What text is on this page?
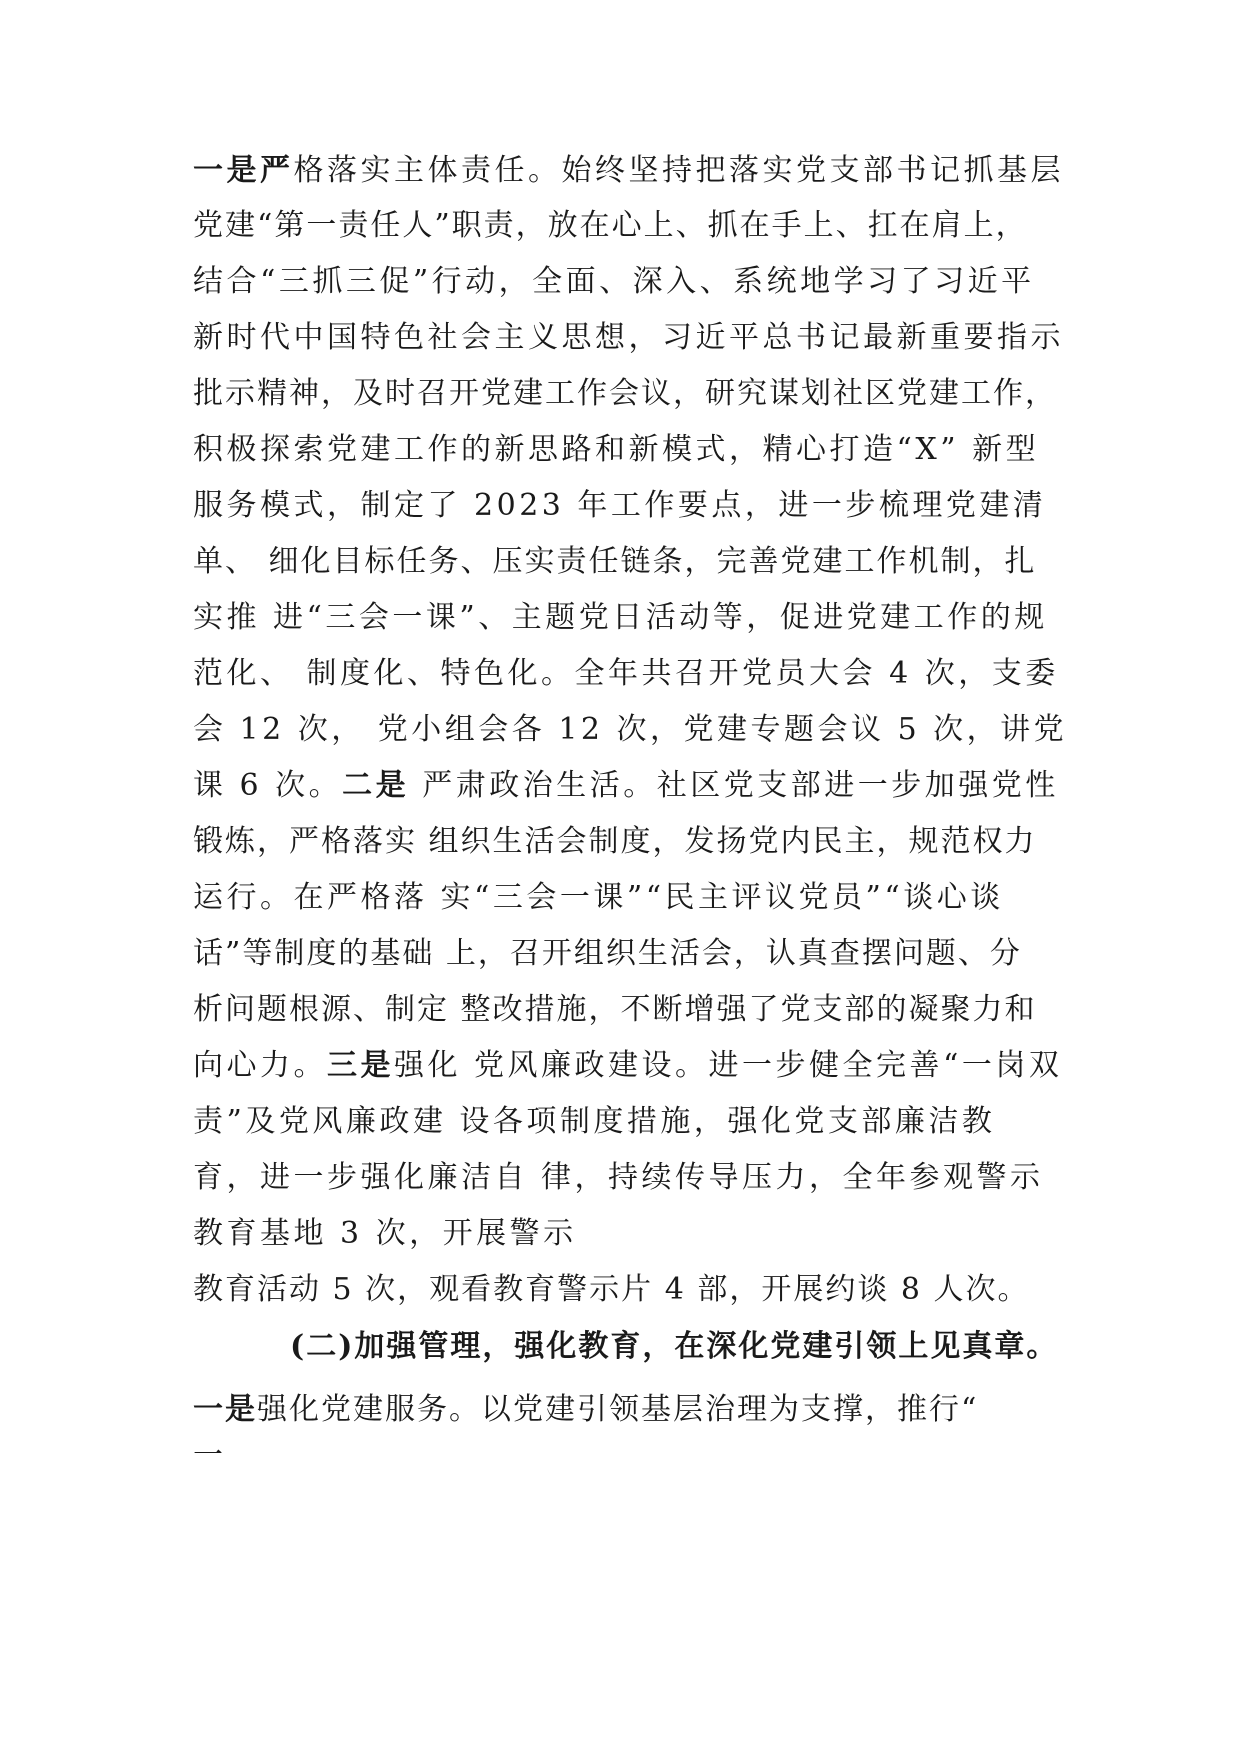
一是严格落实主体责任。始终坚持把落实党支部书记抓基层
党建“第一责任人”职责，放在心上、抓在手上、扛在肩上，
结合“三抓三促”行动，全面、深入、系统地学习了习近平
新时代中国特色社会主义思想，习近平总书记最新重要指示
批示精神，及时召开党建工作会议，研究谋划社区党建工作，
积极探索党建工作的新思路和新模式，精心打造“X” 新型
服务模式，制定了 2023 年工作要点，进一步梳理党建清
单、 细化目标任务、压实责任链条，完善党建工作机制，扎
实推 进“三会一课”、主题党日活动等，促进党建工作的规
范化、 制度化、特色化。全年共召开党员大会 4 次，支委
会 12 次， 党小组会各 12 次，党建专题会议 5 次，讲党
课 6 次。二是 严肃政治生活。社区党支部进一步加强党性
锻炼，严格落实 组织生活会制度，发扬党内民主，规范权力
运行。在严格落 实“三会一课”“民主评议党员”“谈心谈
话”等制度的基础 上，召开组织生活会，认真查摆问题、分
析问题根源、制定 整改措施，不断增强了党支部的凝聚力和
向心力。三是强化 党风廉政建设。进一步健全完善“一岗双
责”及党风廉政建 设各项制度措施，强化党支部廉洁教
育，进一步强化廉洁自 律，持续传导压力，全年参观警示
教育基地 3 次，开展警示
教育活动 5 次，观看教育警示片 4 部，开展约谈 8 人次。
(二)加强管理，强化教育，在深化党建引领上见真章。
一是强化党建服务。以党建引领基层治理为支撑，推行“
一
